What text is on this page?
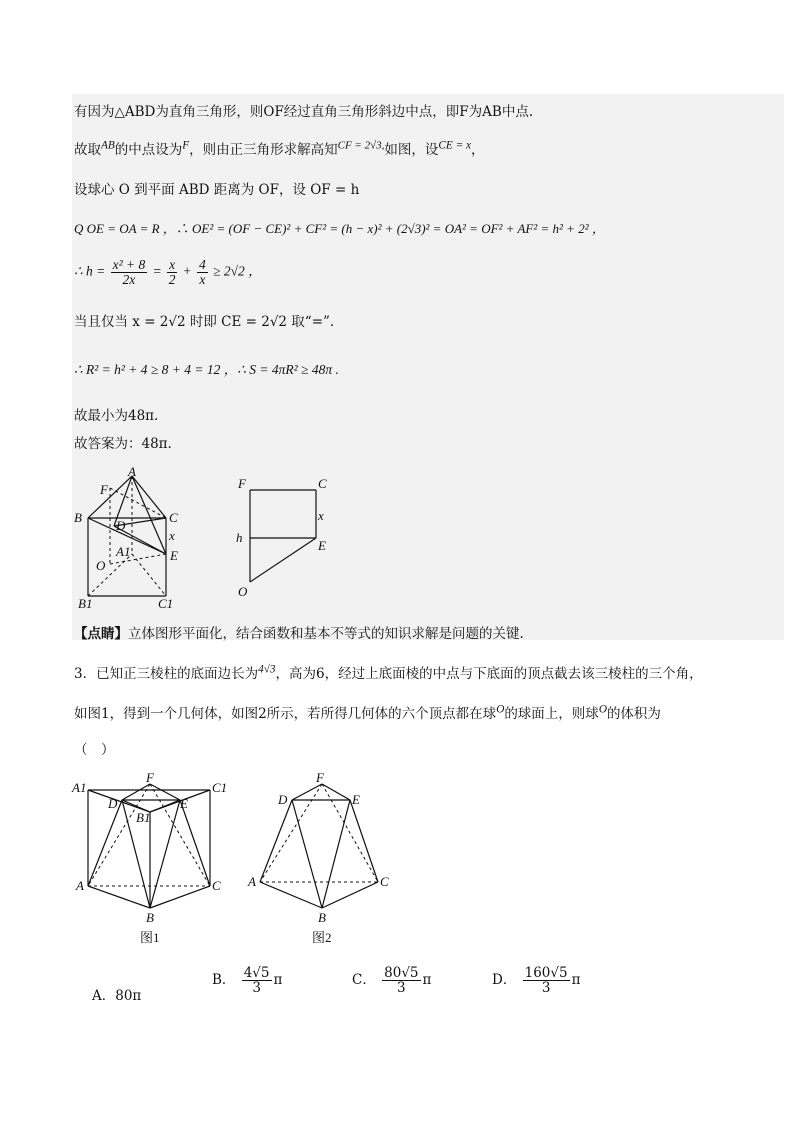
有因为△ABD为直角三角形，则OF经过直角三角形斜边中点，即F为AB中点.
故取$^{AB}$的中点设为$^F$，则由正三角形求解高知$^{CF = 2√3,}$如图，设$^{CE = x}$，
设球心 O 到平面 ABD 距离为 OF，设 OF = h
Q OE = OA = R ，∴ OE² = (OF − CE)² + CF² = (h − x)² + (2√3)² = OA² = OF² + AF² = h² + 2² ，
∴ $h = \frac{\text{x² + 8}}{2x} = \frac{x}{2} + \frac{4}{x} \ge 2√2$ ，
当且仅当 x = 2√2 时即 CE = 2√2 取“=”.
∴ R² = h² + 4 ≥ 8 + 4 = 12 ，∴ S = 4πR² ≥ 48π .
故最小为48π.
故答案为：48π.
A
F
B
D
C
x
A1	E
O
B1	C1
F	C
x
h
E
O
【点睛】立体图形平面化，结合函数和基本不等式的知识求解是问题的关键.
3．已知正三棱柱的底面边长为$^{4√3}$，高为6，经过上底面棱的中点与下底面的顶点截去该三棱柱的三个角，
如图1，得到一个几何体，如图2所示，若所得几何体的六个顶点都在球$^O$的球面上，则球$^O$的体积为
（　）
A1
F
C1
D	E
B1
A	C
B
图1
F
D	E
A	C
B
图2
A．80π
B． $\frac{4√5}{3}$ π	C． $\frac{80√5}{3}$ π	D． $\frac{160√5}{3}$ π
